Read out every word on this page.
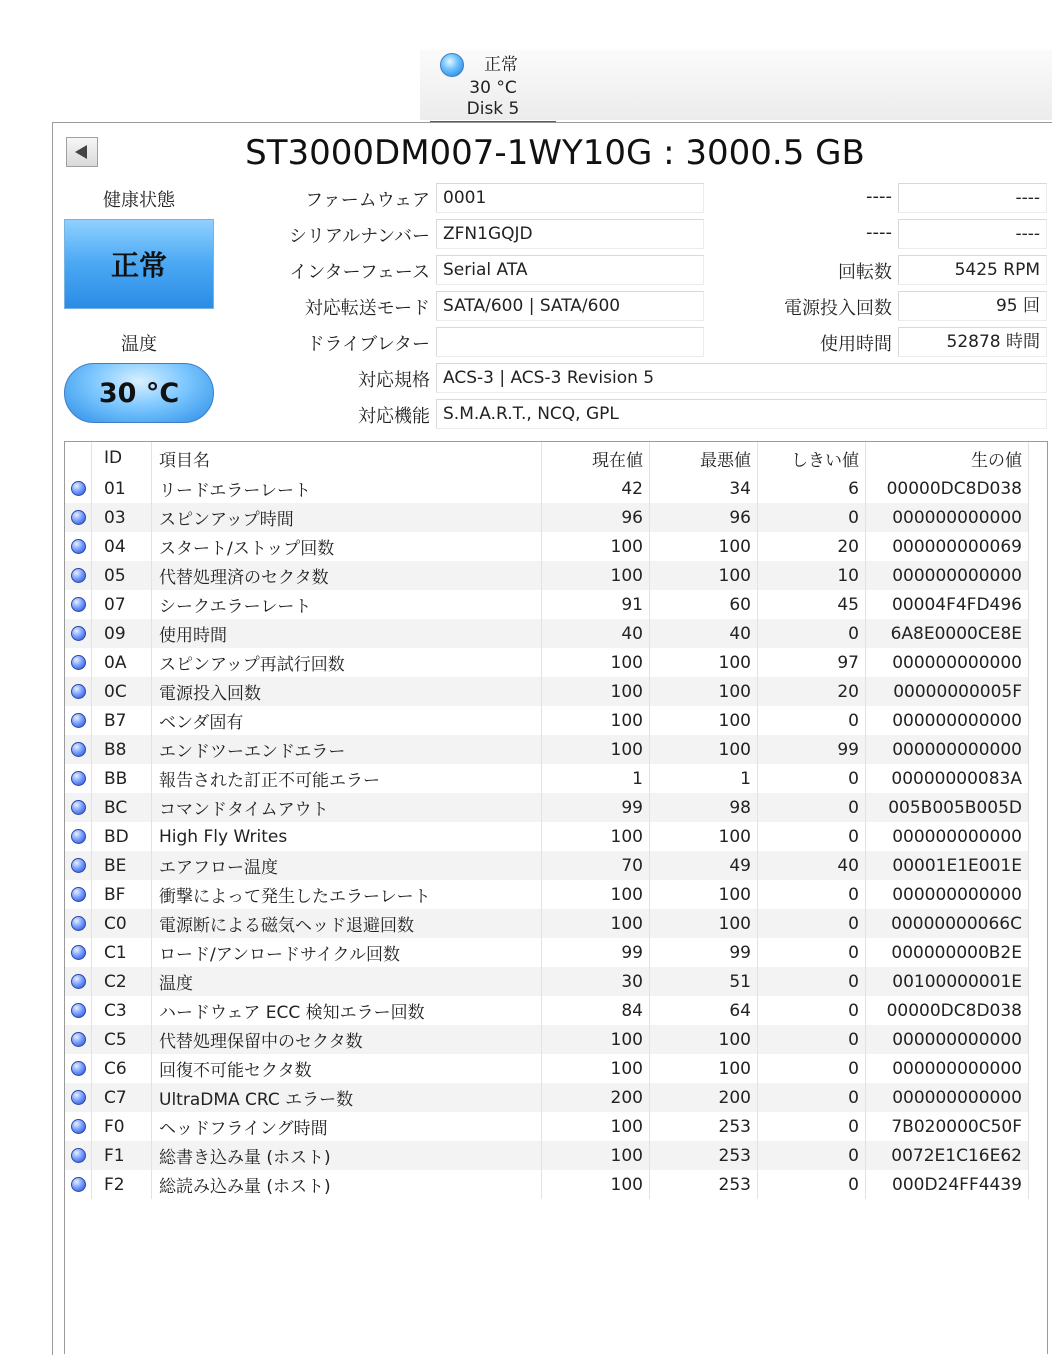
正常
30 °C
Disk 5
ST3000DM007-1WY10G : 3000.5 GB
健康状態
正常
温度
30 °C
ファームウェア 0001
シリアルナンバー ZFN1GQJD
インターフェース Serial ATA
対応転送モード SATA/600 | SATA/600
ドライブレター
対応規格 ACS-3 | ACS-3 Revision 5
対応機能 S.M.A.R.T., NCQ, GPL
----	----
----	----
回転数	5425 RPM
電源投入回数	95 回
使用時間	52878 時間
	ID	項目名	現在値	最悪値	しきい値	生の値
	01	リードエラーレート	42	34	6	00000DC8D038
	03	スピンアップ時間	96	96	0	000000000000
	04	スタート/ストップ回数	100	100	20	000000000069
	05	代替処理済のセクタ数	100	100	10	000000000000
	07	シークエラーレート	91	60	45	00004F4FD496
	09	使用時間	40	40	0	6A8E0000CE8E
	0A	スピンアップ再試行回数	100	100	97	000000000000
	0C	電源投入回数	100	100	20	00000000005F
	B7	ベンダ固有	100	100	0	000000000000
	B8	エンドツーエンドエラー	100	100	99	000000000000
	BB	報告された訂正不可能エラー	1	1	0	00000000083A
	BC	コマンドタイムアウト	99	98	0	005B005B005D
	BD	High Fly Writes	100	100	0	000000000000
	BE	エアフロー温度	70	49	40	00001E1E001E
	BF	衝撃によって発生したエラーレート	100	100	0	000000000000
	C0	電源断による磁気ヘッド退避回数	100	100	0	00000000066C
	C1	ロード/アンロードサイクル回数	99	99	0	000000000B2E
	C2	温度	30	51	0	00100000001E
	C3	ハードウェア ECC 検知エラー回数	84	64	0	00000DC8D038
	C5	代替処理保留中のセクタ数	100	100	0	000000000000
	C6	回復不可能セクタ数	100	100	0	000000000000
	C7	UltraDMA CRC エラー数	200	200	0	000000000000
	F0	ヘッドフライング時間	100	253	0	7B020000C50F
	F1	総書き込み量 (ホスト)	100	253	0	0072E1C16E62
	F2	総読み込み量 (ホスト)	100	253	0	000D24FF4439
